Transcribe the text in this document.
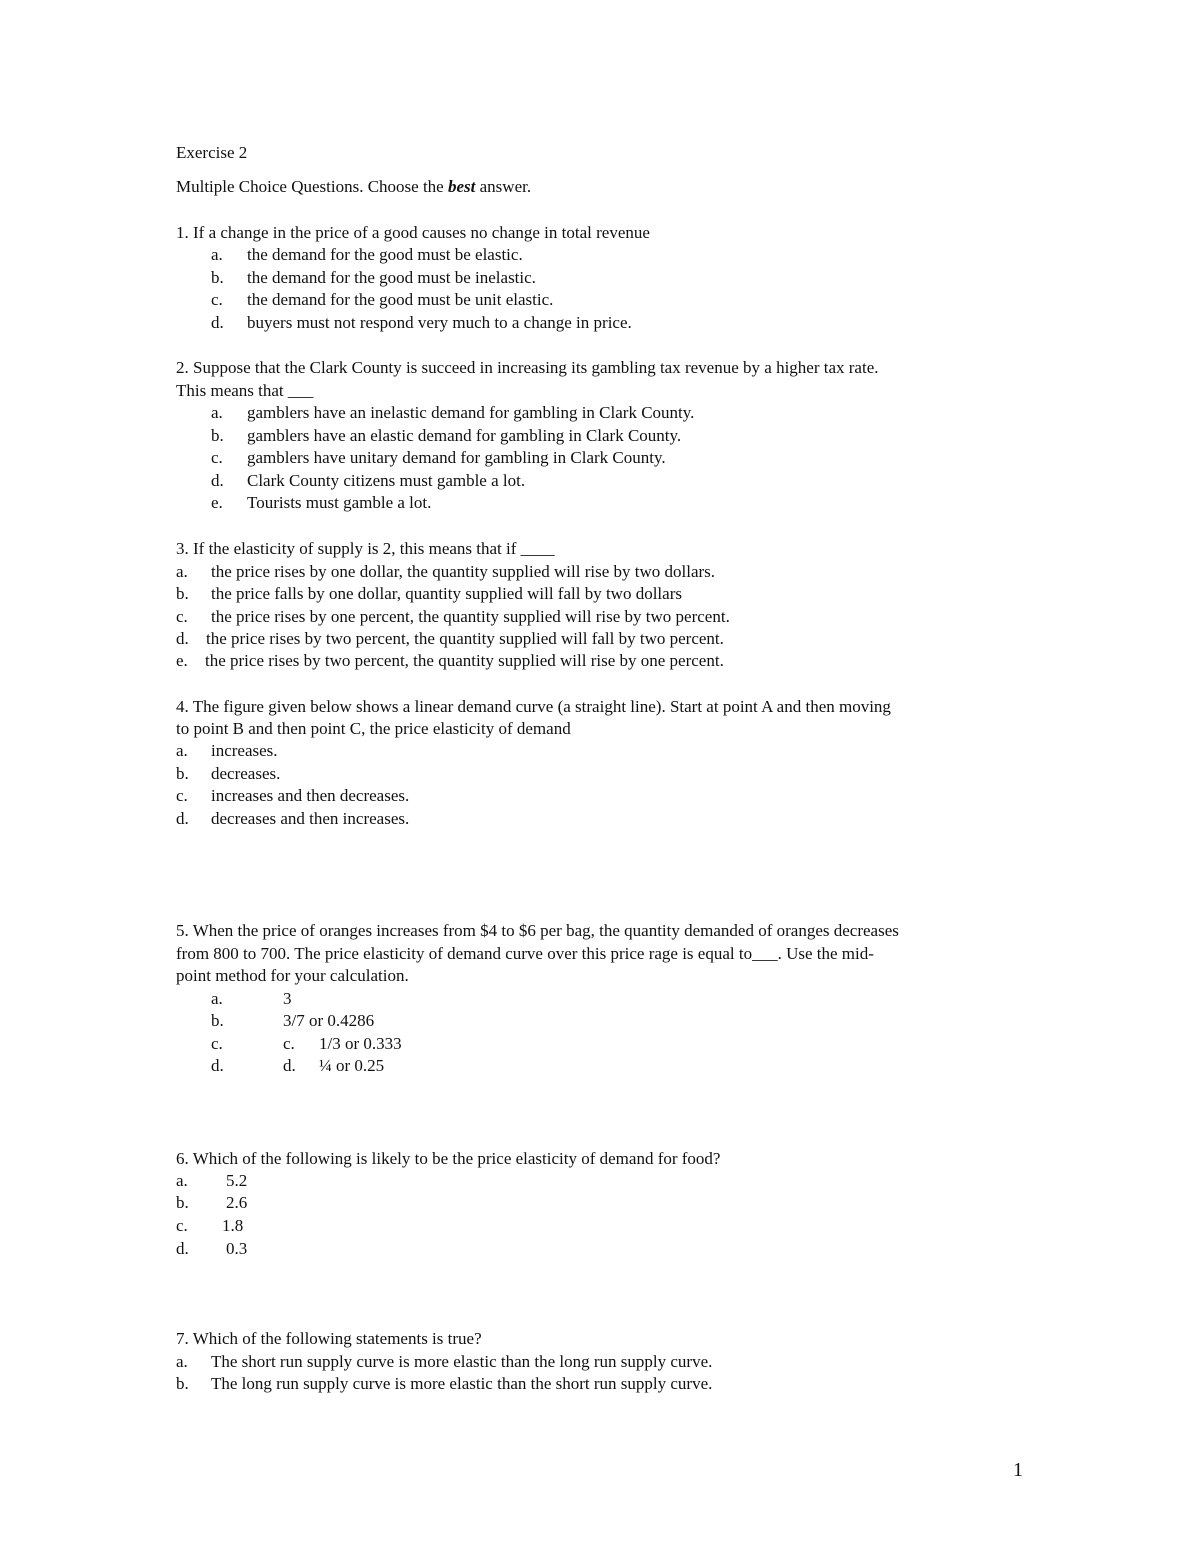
Exercise 2
Multiple Choice Questions. Choose the best answer.
1. If a change in the price of a good causes no change in total revenue
a. the demand for the good must be elastic.
b. the demand for the good must be inelastic.
c. the demand for the good must be unit elastic.
d. buyers must not respond very much to a change in price.
2. Suppose that the Clark County is succeed in increasing its gambling tax revenue by a higher tax rate.
This means that ___
a. gamblers have an inelastic demand for gambling in Clark County.
b. gamblers have an elastic demand for gambling in Clark County.
c. gamblers have unitary demand for gambling in Clark County.
d. Clark County citizens must gamble a lot.
e. Tourists must gamble a lot.
3. If the elasticity of supply is 2, this means that if ____
a. the price rises by one dollar, the quantity supplied will rise by two dollars.
b. the price falls by one dollar, quantity supplied will fall by two dollars
c. the price rises by one percent, the quantity supplied will rise by two percent.
d. the price rises by two percent, the quantity supplied will fall by two percent.
e. the price rises by two percent, the quantity supplied will rise by one percent.
4. The figure given below shows a linear demand curve (a straight line). Start at point A and then moving
to point B and then point C, the price elasticity of demand
a. increases.
b. decreases.
c. increases and then decreases.
d. decreases and then increases.
5. When the price of oranges increases from $4 to $6 per bag, the quantity demanded of oranges decreases
from 800 to 700. The price elasticity of demand curve over this price rage is equal to___. Use the mid-
point method for your calculation.
a.	3
b.	3/7 or 0.4286
c.	c. 1/3 or 0.333
d.	d. ¼ or 0.25
6. Which of the following is likely to be the price elasticity of demand for food?
a. 5.2
b. 2.6
c. 1.8
d. 0.3
7. Which of the following statements is true?
a. The short run supply curve is more elastic than the long run supply curve.
b. The long run supply curve is more elastic than the short run supply curve.
1
